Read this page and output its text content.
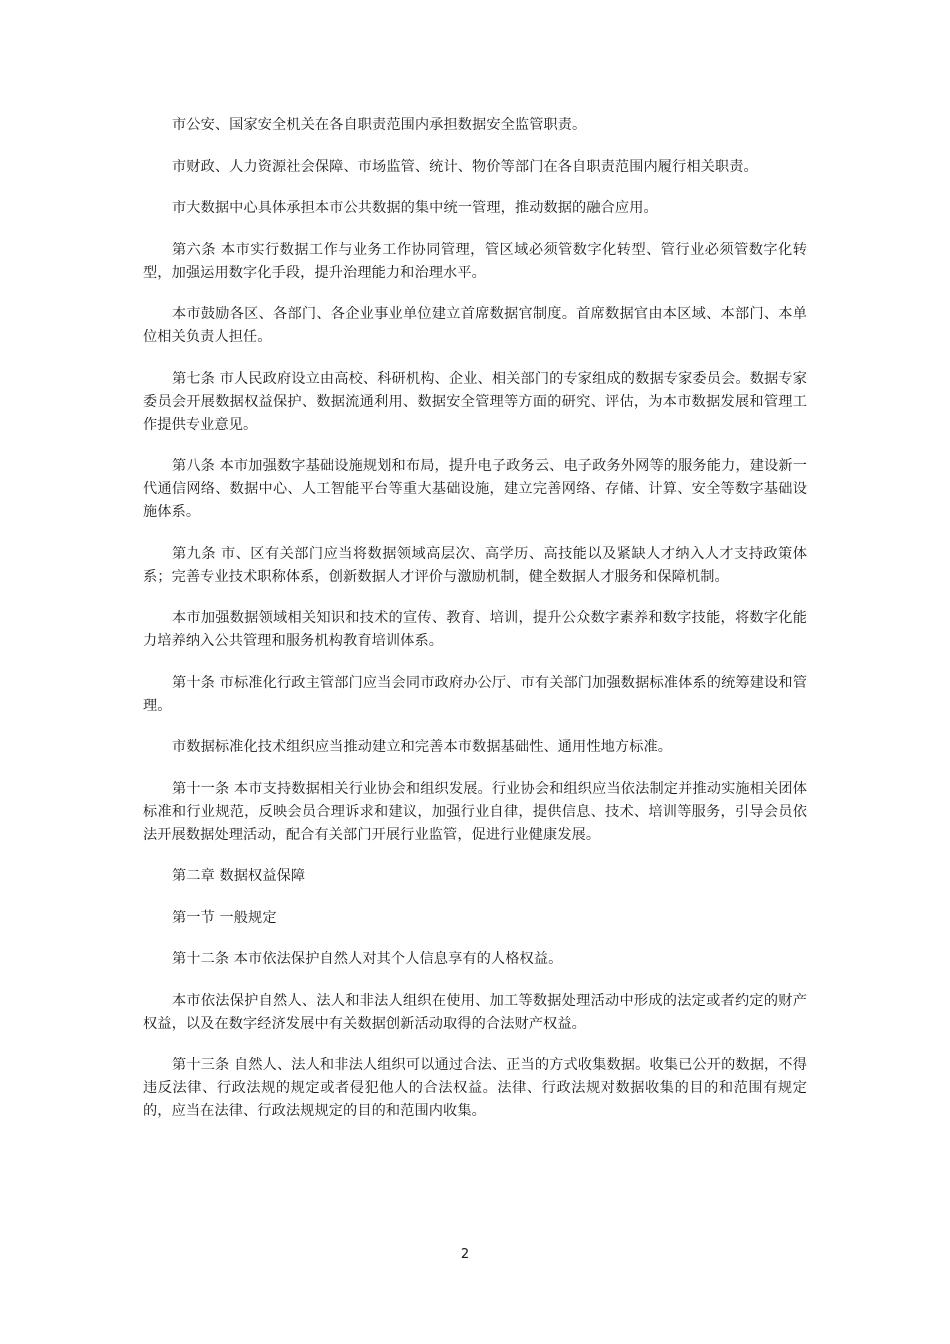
市公安、国家安全机关在各自职责范围内承担数据安全监管职责。

市财政、人力资源社会保障、市场监管、统计、物价等部门在各自职责范围内履行相关职责。

市大数据中心具体承担本市公共数据的集中统一管理，推动数据的融合应用。

第六条 本市实行数据工作与业务工作协同管理，管区域必须管数字化转型、管行业必须管数字化转型，加强运用数字化手段，提升治理能力和治理水平。

本市鼓励各区、各部门、各企业事业单位建立首席数据官制度。首席数据官由本区域、本部门、本单位相关负责人担任。

第七条 市人民政府设立由高校、科研机构、企业、相关部门的专家组成的数据专家委员会。数据专家委员会开展数据权益保护、数据流通利用、数据安全管理等方面的研究、评估，为本市数据发展和管理工作提供专业意见。

第八条 本市加强数字基础设施规划和布局，提升电子政务云、电子政务外网等的服务能力，建设新一代通信网络、数据中心、人工智能平台等重大基础设施，建立完善网络、存储、计算、安全等数字基础设施体系。

第九条 市、区有关部门应当将数据领域高层次、高学历、高技能以及紧缺人才纳入人才支持政策体系；完善专业技术职称体系，创新数据人才评价与激励机制，健全数据人才服务和保障机制。

本市加强数据领域相关知识和技术的宣传、教育、培训，提升公众数字素养和数字技能，将数字化能力培养纳入公共管理和服务机构教育培训体系。

第十条 市标准化行政主管部门应当会同市政府办公厅、市有关部门加强数据标准体系的统筹建设和管理。

市数据标准化技术组织应当推动建立和完善本市数据基础性、通用性地方标准。

第十一条 本市支持数据相关行业协会和组织发展。行业协会和组织应当依法制定并推动实施相关团体标准和行业规范，反映会员合理诉求和建议，加强行业自律，提供信息、技术、培训等服务，引导会员依法开展数据处理活动，配合有关部门开展行业监管，促进行业健康发展。

第二章 数据权益保障

第一节 一般规定

第十二条 本市依法保护自然人对其个人信息享有的人格权益。

本市依法保护自然人、法人和非法人组织在使用、加工等数据处理活动中形成的法定或者约定的财产权益，以及在数字经济发展中有关数据创新活动取得的合法财产权益。

第十三条 自然人、法人和非法人组织可以通过合法、正当的方式收集数据。收集已公开的数据，不得违反法律、行政法规的规定或者侵犯他人的合法权益。法律、行政法规对数据收集的目的和范围有规定的，应当在法律、行政法规规定的目的和范围内收集。

2
